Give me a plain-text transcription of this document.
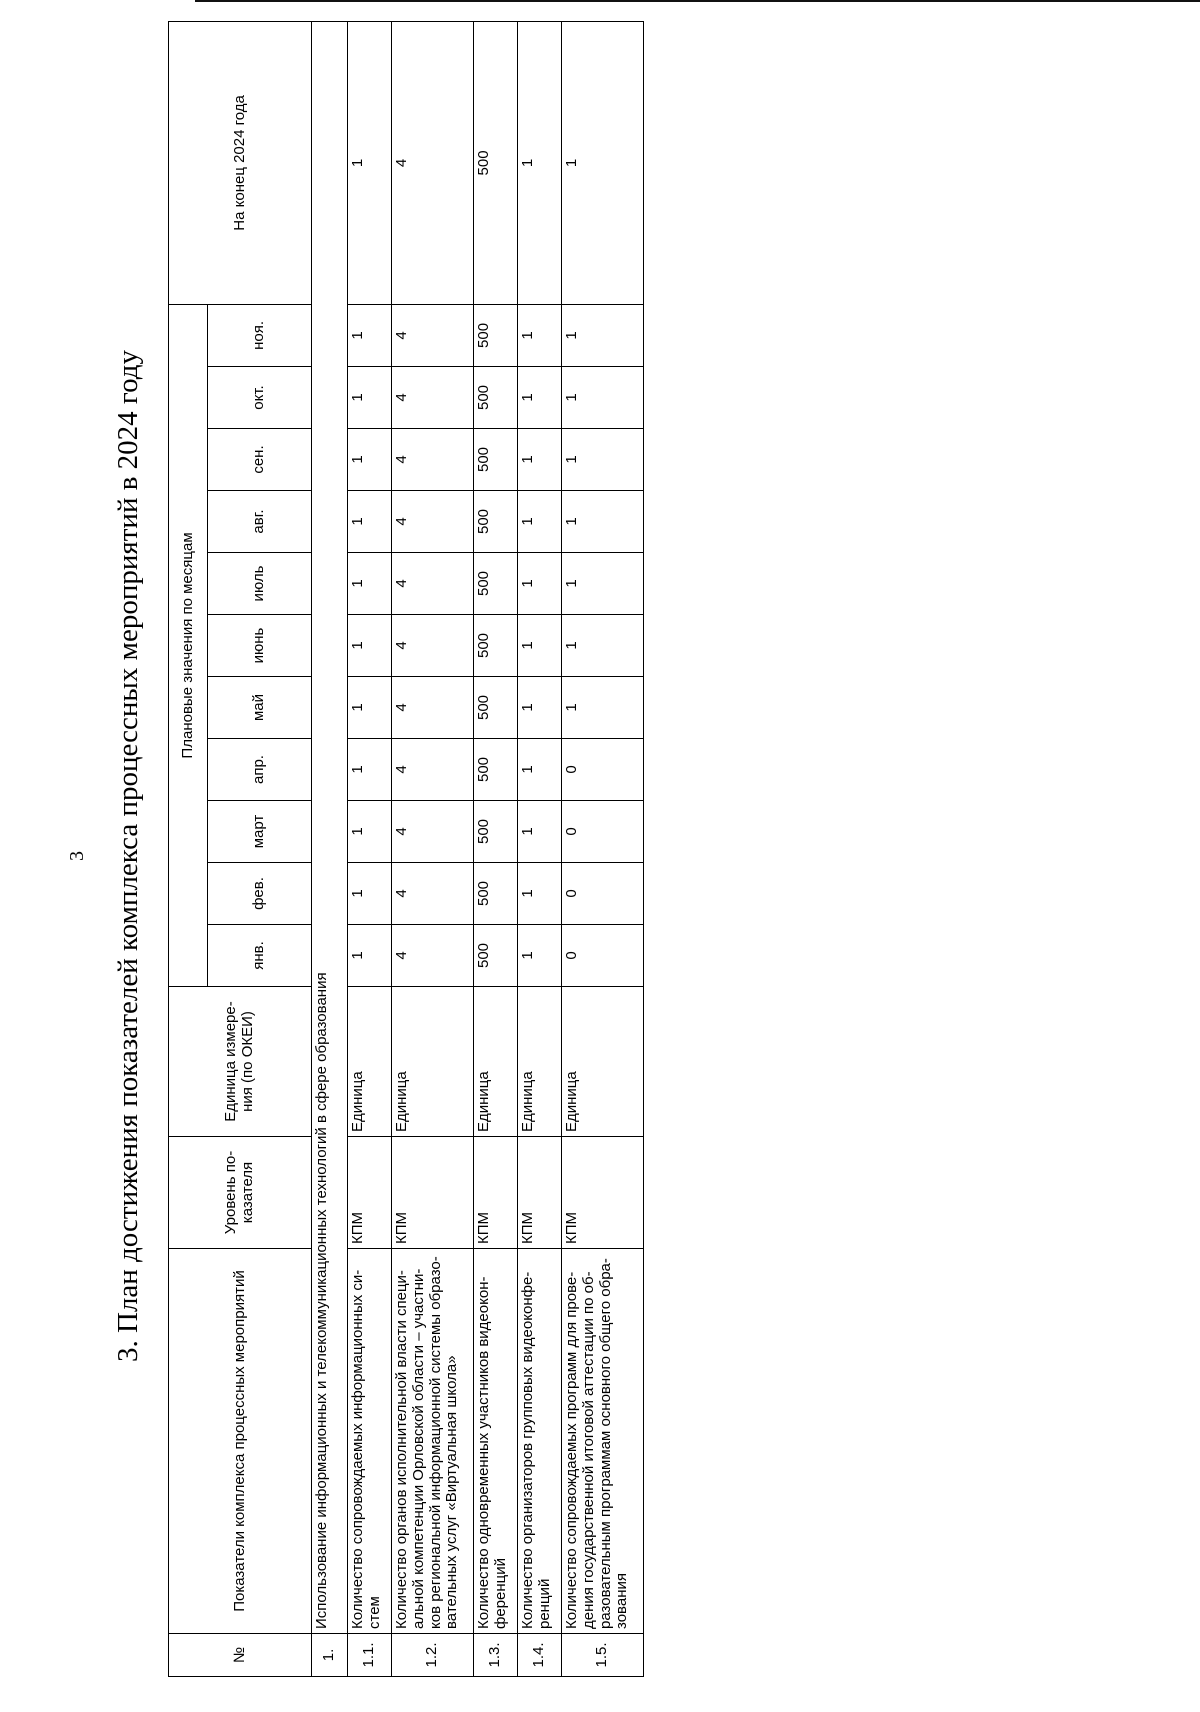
3 3. План достижения показателей комплекса процессных мероприятий в 2024 году
№	Показатели комплекса процессных мероприятий	Уровень по-казателя	Единица измере-ния (по ОКЕИ)	Плановые значения по месяцам											На конец 2024 года
				янв.	фев.	март	апр.	май	июнь	июль	авг.	сен.	окт.	ноя.	
1.	Использование информационных и телекоммуникационных технологий в сфере образования														
1.1.	Количество сопровождаемых информационных си-стем	КПМ	Единица	1	1	1	1	1	1	1	1	1	1	1	1
1.2.	Количество органов исполнительной власти специ-альной компетенции Орловской области – участни-ков региональной информационной системы образо-вательных услуг «Виртуальная школа»	КПМ	Единица	4	4	4	4	4	4	4	4	4	4	4	4
1.3.	Количество одновременных участников видеокон-ференций	КПМ	Единица	500	500	500	500	500	500	500	500	500	500	500	500
1.4.	Количество организаторов групповых видеоконфе-ренций	КПМ	Единица	1	1	1	1	1	1	1	1	1	1	1	1
1.5.	Количество сопровождаемых программ для прове-дения государственной итоговой аттестации по об-разовательным программам основного общего обра-зования	КПМ	Единица	0	0	0	0	1	1	1	1	1	1	1	1
